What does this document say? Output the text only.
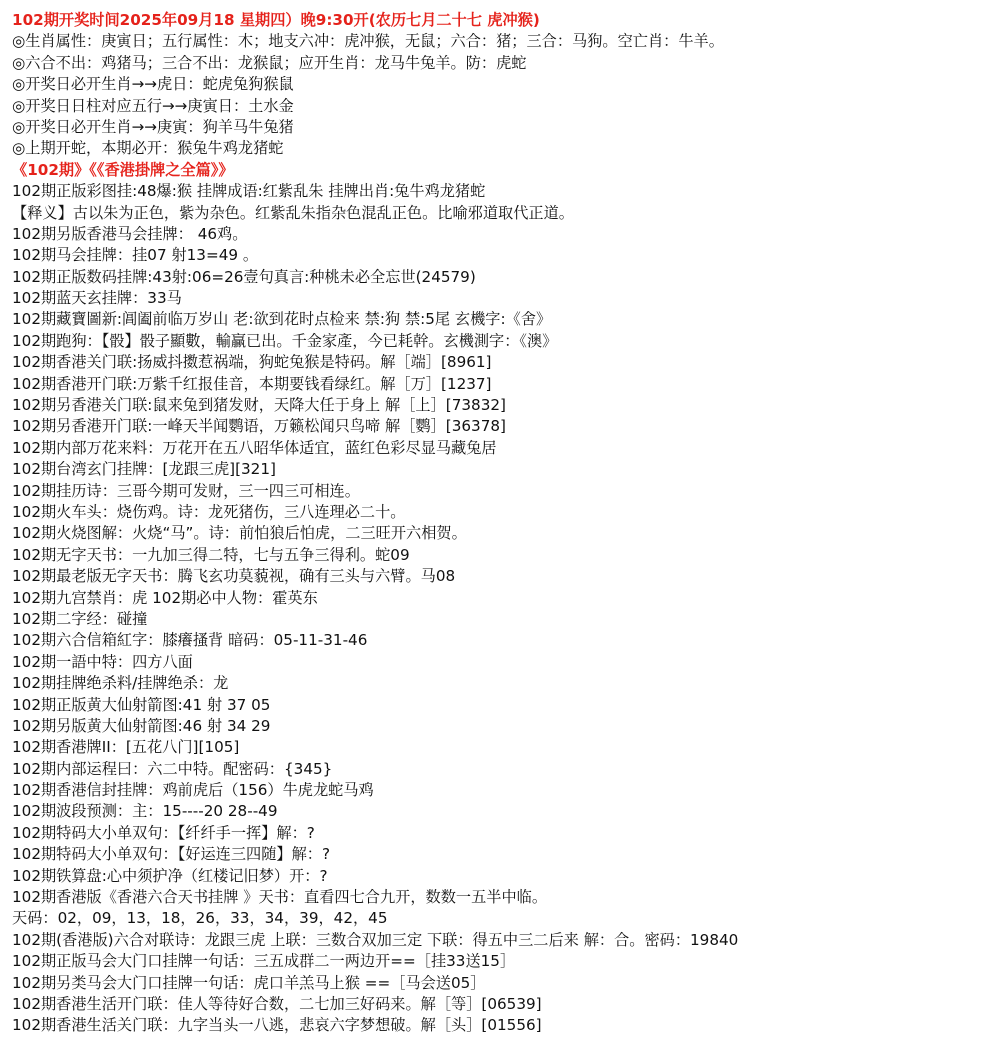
102期开奖时间2025年09月18 星期四）晚9:30开(农历七月二十七 虎冲猴)
◎生肖属性：庚寅日；五行属性：木；地支六冲：虎冲猴，无鼠；六合：猪；三合：马狗。空亡肖：牛羊。
◎六合不出：鸡猪马；三合不出：龙猴鼠；应开生肖：龙马牛兔羊。防：虎蛇
◎开奖日必开生肖→→虎日：蛇虎兔狗猴鼠
◎开奖日日柱对应五行→→庚寅日：土水金
◎开奖日必开生肖→→庚寅：狗羊马牛兔猪
◎上期开蛇，本期必开：猴兔牛鸡龙猪蛇
《102期》《《香港掛牌之全篇》》
102期正版彩图挂:48爆:猴 挂牌成语:红紫乱朱 挂牌出肖:兔牛鸡龙猪蛇
【释义】古以朱为正色，紫为杂色。红紫乱朱指杂色混乱正色。比喻邪道取代正道。
102期另版香港马会挂牌： 46鸡。
102期马会挂牌：挂07 射13=49 。
102期正版数码挂牌:43射:06=26壹句真言:种桃未必全忘世(24579)
102期蓝天玄挂牌：33马
102期藏寶圖新:阊阖前临万岁山 老:欲到花时点检来 禁:狗 禁:5尾 玄機字:《舍》
102期跑狗：【骰】骰子顯數，輸贏已出。千金家產，今已耗幹。玄機測字：《澳》
102期香港关门联:扬威抖擞惹祸端，狗蛇兔猴是特码。解［端］[8961]
102期香港开门联:万紫千红报佳音，本期要钱看绿红。解［万］[1237]
102期另香港关门联:鼠来兔到猪发财，天降大任于身上 解［上］[73832]
102期另香港开门联:一峰天半闻鹦语，万籁松闻只鸟啼 解［鹦］[36378]
102期内部万花来料：万花开在五八昭华体适宜，蓝红色彩尽显马藏兔居
102期台湾玄门挂牌：[龙跟三虎][321]
102期挂历诗：三哥今期可发财，三一四三可相连。
102期火车头：烧伤鸡。诗：龙死猪伤，三八连理必二十。
102期火烧图解：火烧“马”。诗：前怕狼后怕虎，二三旺开六相贺。
102期无字天书：一九加三得二特，七与五争三得利。蛇09
102期最老版无字天书：腾飞玄功莫藐视，确有三头与六臂。马08
102期九宫禁肖：虎 102期必中人物：霍英东
102期二字经：碰撞
102期六合信箱紅字：膝癢搔背 暗码：05-11-31-46
102期一語中特：四方八面
102期挂牌绝杀料/挂牌绝杀：龙
102期正版黄大仙射箭图:41 射 37 05
102期另版黄大仙射箭图:46 射 34 29
102期香港牌II：[五花八门][105]
102期内部运程曰：六二中特。配密码：{345}
102期香港信封挂牌：鸡前虎后（156）牛虎龙蛇马鸡
102期波段预测：主：15----20 28--49
102期特码大小单双句：【纤纤手一挥】解：?
102期特码大小单双句：【好运连三四随】解：?
102期铁算盘:心中须护净（红楼记旧梦）开：?
102期香港版《香港六合天书挂牌 》天书：直看四七合九开，数数一五半中临。
天码：02，09，13，18，26，33，34，39，42，45
102期(香港版)六合对联诗：龙跟三虎 上联：三数合双加三定 下联：得五中三二后来 解：合。密码：19840
102期正版马会大门口挂牌一句话：三五成群二一两边开==［挂33送15］
102期另类马会大门口挂牌一句话：虎口羊羔马上猴 ==［马会送05］
102期香港生活开门联：佳人等待好合数，二七加三好码来。解［等］[06539]
102期香港生活关门联：九字当头一八逃，悲哀六字梦想破。解［头］[01556]
